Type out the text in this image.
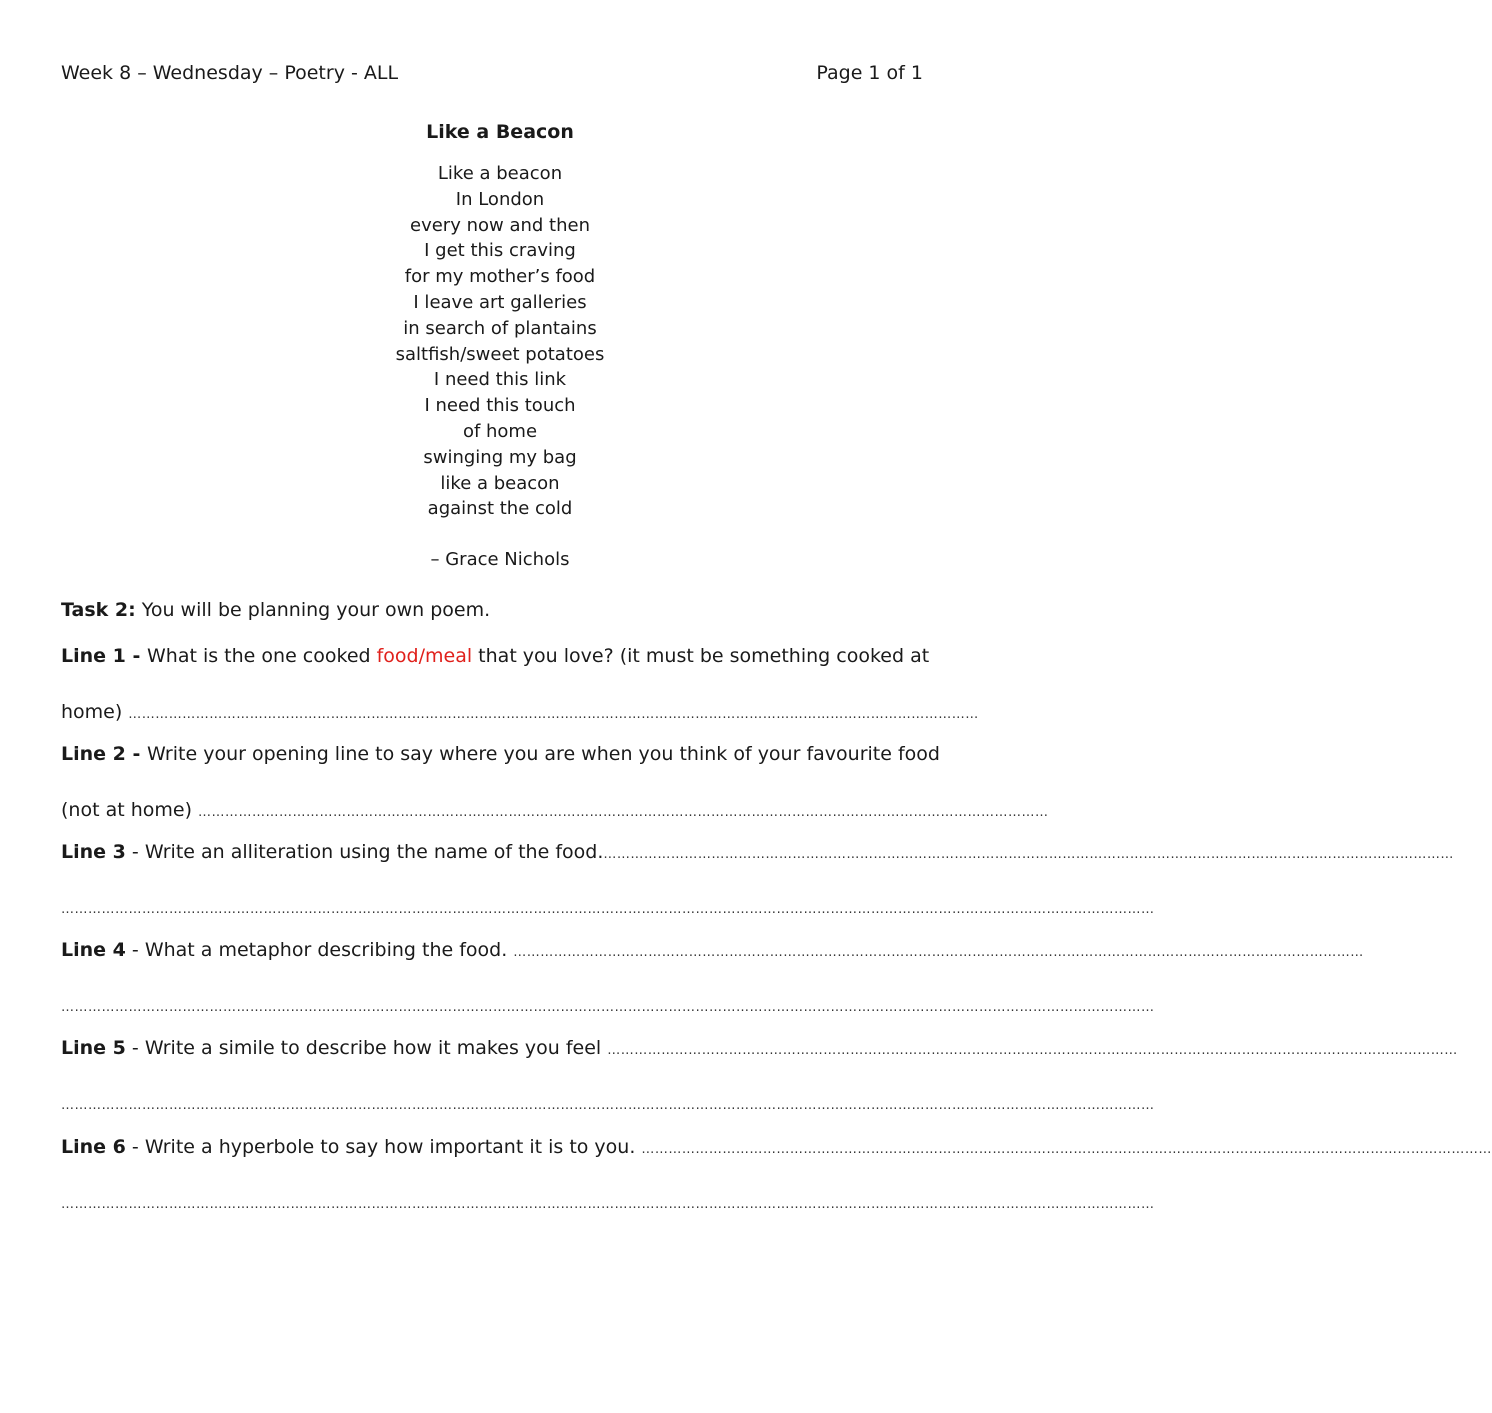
Week 8 – Wednesday – Poetry - ALL	Page 1 of 1
Like a Beacon
Like a beacon
In London
every now and then
I get this craving
for my mother’s food
I leave art galleries
in search of plantains
saltfish/sweet potatoes
I need this link
I need this touch
of home
swinging my bag
like a beacon
against the cold
– Grace Nichols
Task 2: You will be planning your own poem.
Line 1 - What is the one cooked food/meal that you love? (it must be something cooked at
home) ………………………………………………………………………………………………………………………………………………………………………
Line 2 - Write your opening line to say where you are when you think of your favourite food
(not at home) ………………………………………………………………………………………………………………………………………………………………………
Line 3 - Write an alliteration using the name of the food. ………………………………………………………………………………………………………………………………………………………………………
………………………………………………………………………………………………………………………………………………………………………………………………………………………
Line 4 - What a metaphor describing the food. ………………………………………………………………………………………………………………………………………………………………………
………………………………………………………………………………………………………………………………………………………………………………………………………………………
Line 5 - Write a simile to describe how it makes you feel ………………………………………………………………………………………………………………………………………………………………………
………………………………………………………………………………………………………………………………………………………………………………………………………………………
Line 6 - Write a hyperbole to say how important it is to you. ………………………………………………………………………………………………………………………………………………………………………
………………………………………………………………………………………………………………………………………………………………………………………………………………………
